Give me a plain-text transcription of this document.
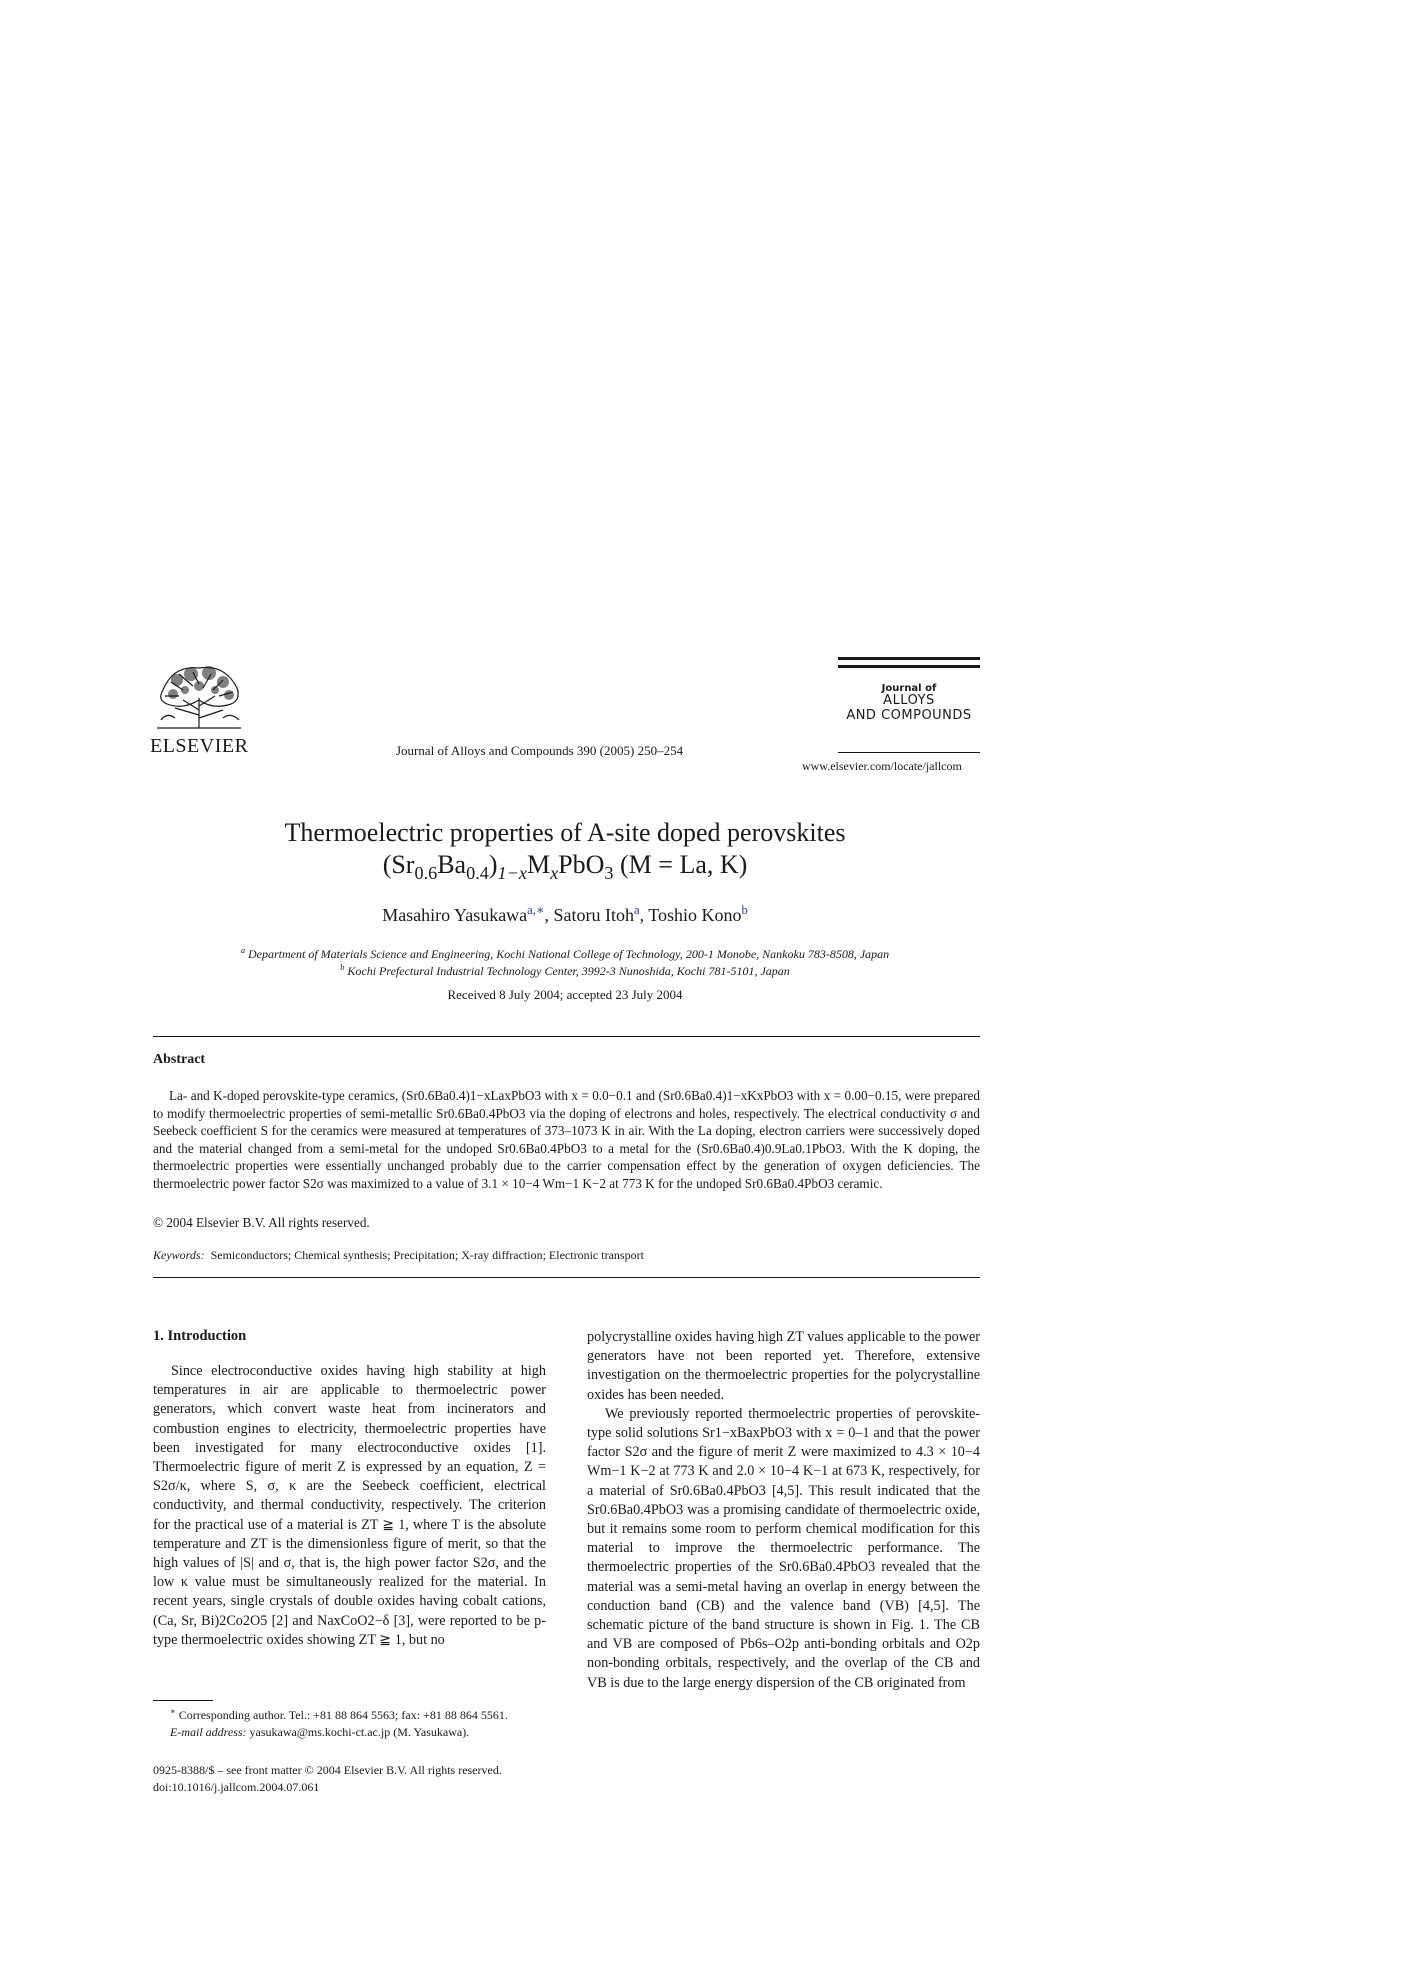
ELSEVIER	Journal of Alloys and Compounds 390 (2005) 250–254
Journal of
ALLOYS
AND COMPOUNDS
www.elsevier.com/locate/jallcom
Thermoelectric properties of A-site doped perovskites
$(Sr_{0.6}Ba_{0.4})_{1-x}M_xPbO_3$ (M = La, K)
Masahiro Yasukawa$^{a,∗}$, Satoru Itoh$^a$, Toshio Kono$^b$
$^a$ Department of Materials Science and Engineering, Kochi National College of Technology, 200-1 Monobe, Nankoku 783-8508, Japan
$^b$ Kochi Prefectural Industrial Technology Center, 3992-3 Nunoshida, Kochi 781-5101, Japan
Received 8 July 2004; accepted 23 July 2004
Abstract

La- and K-doped perovskite-type ceramics, (Sr0.6Ba0.4)1−xLaxPbO3 with x = 0.0−0.1 and (Sr0.6Ba0.4)1−xKxPbO3 with x = 0.00−0.15, were prepared to modify thermoelectric properties of semi-metallic Sr0.6Ba0.4PbO3 via the doping of electrons and holes, respectively. The electrical conductivity σ and Seebeck coefficient S for the ceramics were measured at temperatures of 373–1073 K in air. With the La doping, electron carriers were successively doped and the material changed from a semi-metal for the undoped Sr0.6Ba0.4PbO3 to a metal for the (Sr0.6Ba0.4)0.9La0.1PbO3. With the K doping, the thermoelectric properties were essentially unchanged probably due to the carrier compensation effect by the generation of oxygen deficiencies. The thermoelectric power factor S2σ was maximized to a value of 3.1 × 10−4 Wm−1 K−2 at 773 K for the undoped Sr0.6Ba0.4PbO3 ceramic.

© 2004 Elsevier B.V. All rights reserved.
Keywords: Semiconductors; Chemical synthesis; Precipitation; X-ray diffraction; Electronic transport
1. Introduction

Since electroconductive oxides having high stability at high temperatures in air are applicable to thermoelectric power generators, which convert waste heat from incinerators and combustion engines to electricity, thermoelectric properties have been investigated for many electroconductive oxides [1]. Thermoelectric figure of merit Z is expressed by an equation, Z = S2σ/κ, where S, σ, κ are the Seebeck coefficient, electrical conductivity, and thermal conductivity, respectively. The criterion for the practical use of a material is ZT ≧ 1, where T is the absolute temperature and ZT is the dimensionless figure of merit, so that the high values of |S| and σ, that is, the high power factor S2σ, and the low κ value must be simultaneously realized for the material. In recent years, single crystals of double oxides having cobalt cations, (Ca, Sr, Bi)2Co2O5 [2] and NaxCoO2−δ [3], were reported to be p-type thermoelectric oxides showing ZT ≧ 1, but no

polycrystalline oxides having high ZT values applicable to the power generators have not been reported yet. Therefore, extensive investigation on the thermoelectric properties for the polycrystalline oxides has been needed.

We previously reported thermoelectric properties of perovskite-type solid solutions Sr1−xBaxPbO3 with x = 0–1 and that the power factor S2σ and the figure of merit Z were maximized to 4.3 × 10−4 Wm−1 K−2 at 773 K and 2.0 × 10−4 K−1 at 673 K, respectively, for a material of Sr0.6Ba0.4PbO3 [4,5]. This result indicated that the Sr0.6Ba0.4PbO3 was a promising candidate of thermoelectric oxide, but it remains some room to perform chemical modification for this material to improve the thermoelectric performance. The thermoelectric properties of the Sr0.6Ba0.4PbO3 revealed that the material was a semi-metal having an overlap in energy between the conduction band (CB) and the valence band (VB) [4,5]. The schematic picture of the band structure is shown in Fig. 1. The CB and VB are composed of Pb6s–O2p anti-bonding orbitals and O2p non-bonding orbitals, respectively, and the overlap of the CB and VB is due to the large energy dispersion of the CB originated from

∗ Corresponding author. Tel.: +81 88 864 5563; fax: +81 88 864 5561.
E-mail address: yasukawa@ms.kochi-ct.ac.jp (M. Yasukawa).
0925-8388/$ – see front matter © 2004 Elsevier B.V. All rights reserved.
doi:10.1016/j.jallcom.2004.07.061
